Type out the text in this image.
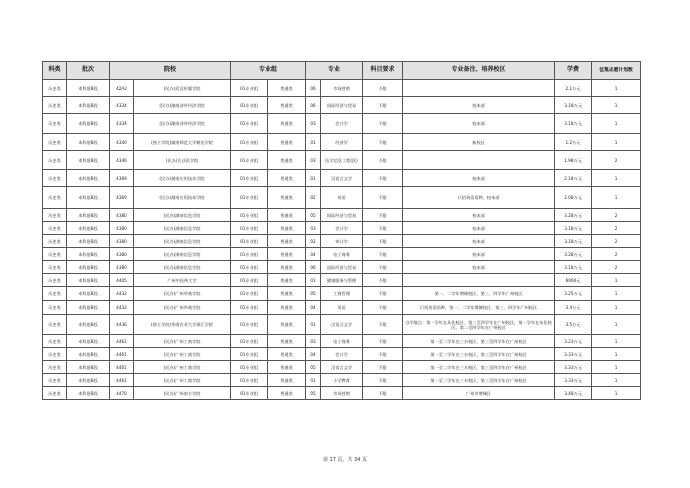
科类	批次	院校		专业组		专业		科目要求	专业备注、培养校区	学费	征集志愿计划数
历史类	本科批B段	42A2	(民办)武汉传媒学院	01专业组	普通类	06	市场营销	不限		2.1万元	1
历史类	本科批B段	4334	(民办)湖南涉外经济学院	01专业组	普通类	06	国际经济与贸易	不限	校本部	3.18万元	1
历史类	本科批B段	4334	(民办)湖南涉外经济学院	01专业组	普通类	03	会计学	不限	校本部	3.18万元	1
历史类	本科批B段	4340	(独立学院)湖南师范大学树达学院	01专业组	普通类	01	经济学	不限	新校区	1.2万元	1
历史类	本科批B段	4346	(民办)长沙医学院	01专业组	普通类	03	医学信息工程(医)	不限		1.98万元	2
历史类	本科批B段	4369	(民办)湖南应用技术学院	01专业组	普通类	01	汉语言文学	不限	校本部	2.18万元	1
历史类	本科批B段	4369	(民办)湖南应用技术学院	01专业组	普通类	02	英语	不限	只招英语语种，校本部	2.08万元	1
历史类	本科批B段	4380	(民办)湖南信息学院	01专业组	普通类	05	国际经济与贸易	不限	校本部	3.28万元	2
历史类	本科批B段	4380	(民办)湖南信息学院	01专业组	普通类	03	会计学	不限	校本部	3.18万元	2
历史类	本科批B段	4380	(民办)湖南信息学院	01专业组	普通类	02	审计学	不限	校本部	3.18万元	2
历史类	本科批B段	4380	(民办)湖南信息学院	01专业组	普通类	04	电子商务	不限	校本部	3.28万元	2
历史类	本科批B段	4380	(民办)湖南信息学院	01专业组	普通类	06	国际经济与贸易	不限	校本部	3.18万元	2
历史类	本科批B段	4405	广州中医药大学	01专业组	普通类	01	健康服务与管理	不限		6060元	1
历史类	本科批B段	4432	(民办)广州华商学院	01专业组	普通类	05	工商管理	不限	第一、二学年增城校区，第三、四学年广州校区	3.25万元	1
历史类	本科批B段	4432	(民办)广州华商学院	01专业组	普通类	04	英语	不限	只招英语语种，第一、二学年增城校区，第三、四学年广州校区	3.4万元	1
历史类	本科批B段	4436	(独立学院)华南农业大学珠江学院	01专业组	普通类	01	汉语言文学	不限	办学地点：第一学年在从化校区，第二至四学年在广州校区，第一学年在从化校区，第二至四学年在广州校区	3.5万元	1
历史类	本科批B段	4461	(民办)广州工商学院	01专业组	普通类	03	电子商务	不限	第一至二学年在三水校区，第三至四学年在广州校区	3.23万元	1
历史类	本科批B段	4461	(民办)广州工商学院	01专业组	普通类	04	会计学	不限	第一至二学年在三水校区，第三至四学年在广州校区	3.33万元	1
历史类	本科批B段	4461	(民办)广州工商学院	01专业组	普通类	05	汉语言文学	不限	第一至二学年在三水校区，第三至四学年在广州校区	3.33万元	1
历史类	本科批B段	4461	(民办)广州工商学院	01专业组	普通类	01	小学教育	不限	第一至二学年在三水校区，第三至四学年在广州校区	3.33万元	1
历史类	本科批B段	4470	(民办)广州南方学院	01专业组	普通类	05	市场营销	不限	广州市增城区	3.48万元	1
第 17 页，共 34 页
